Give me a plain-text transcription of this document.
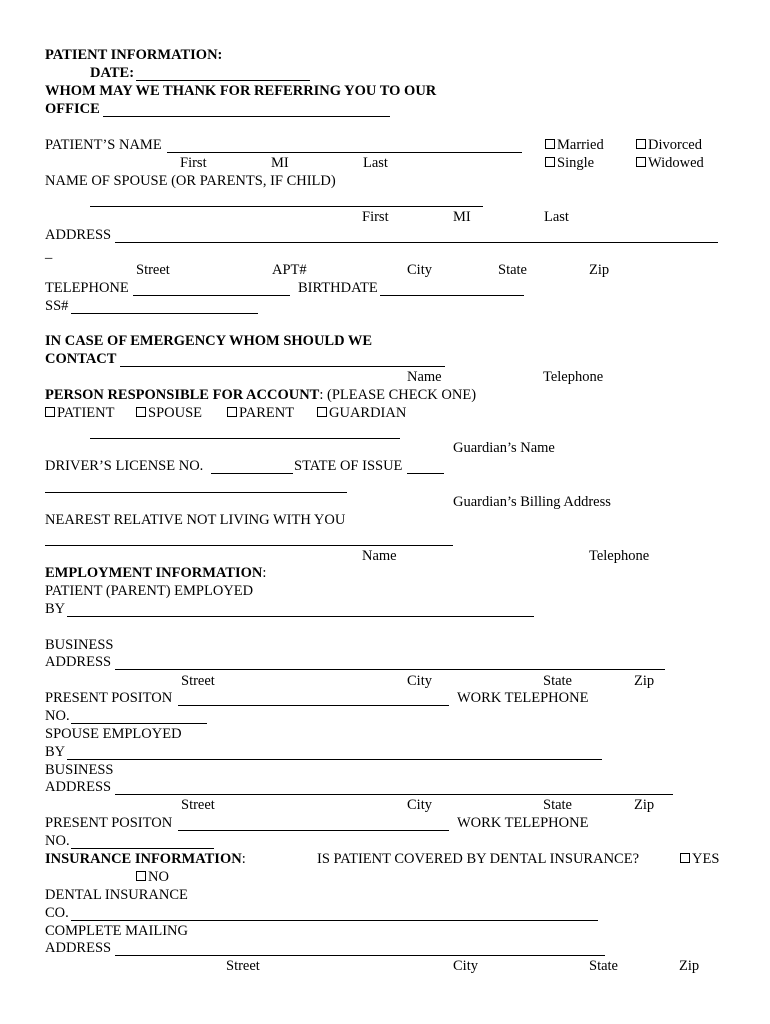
PATIENT INFORMATION:
DATE:
WHOM MAY WE THANK FOR REFERRING YOU TO OUR
OFFICE
PATIENT’S NAME
First	MI	Last
Married	Divorced
Single	Widowed
NAME OF SPOUSE (OR PARENTS, IF CHILD)
First	MI	Last
ADDRESS
_
Street	APT#	City	State	Zip
TELEPHONE	BIRTHDATE
SS#
IN CASE OF EMERGENCY WHOM SHOULD WE
CONTACT
Name	Telephone
PERSON RESPONSIBLE FOR ACCOUNT: (PLEASE CHECK ONE)
PATIENT	SPOUSE	PARENT	GUARDIAN
Guardian’s Name
DRIVER’S LICENSE NO.	STATE OF ISSUE
Guardian’s Billing Address
NEAREST RELATIVE NOT LIVING WITH YOU
Name	Telephone
EMPLOYMENT INFORMATION:
PATIENT (PARENT) EMPLOYED
BY
BUSINESS
ADDRESS
Street	City	State	Zip
PRESENT POSITON	WORK TELEPHONE
NO.
SPOUSE EMPLOYED
BY
BUSINESS
ADDRESS
Street	City	State	Zip
PRESENT POSITON	WORK TELEPHONE
NO.
INSURANCE INFORMATION:	IS PATIENT COVERED BY DENTAL INSURANCE?	YES
NO
DENTAL INSURANCE
CO.
COMPLETE MAILING
ADDRESS
Street	City	State	Zip
